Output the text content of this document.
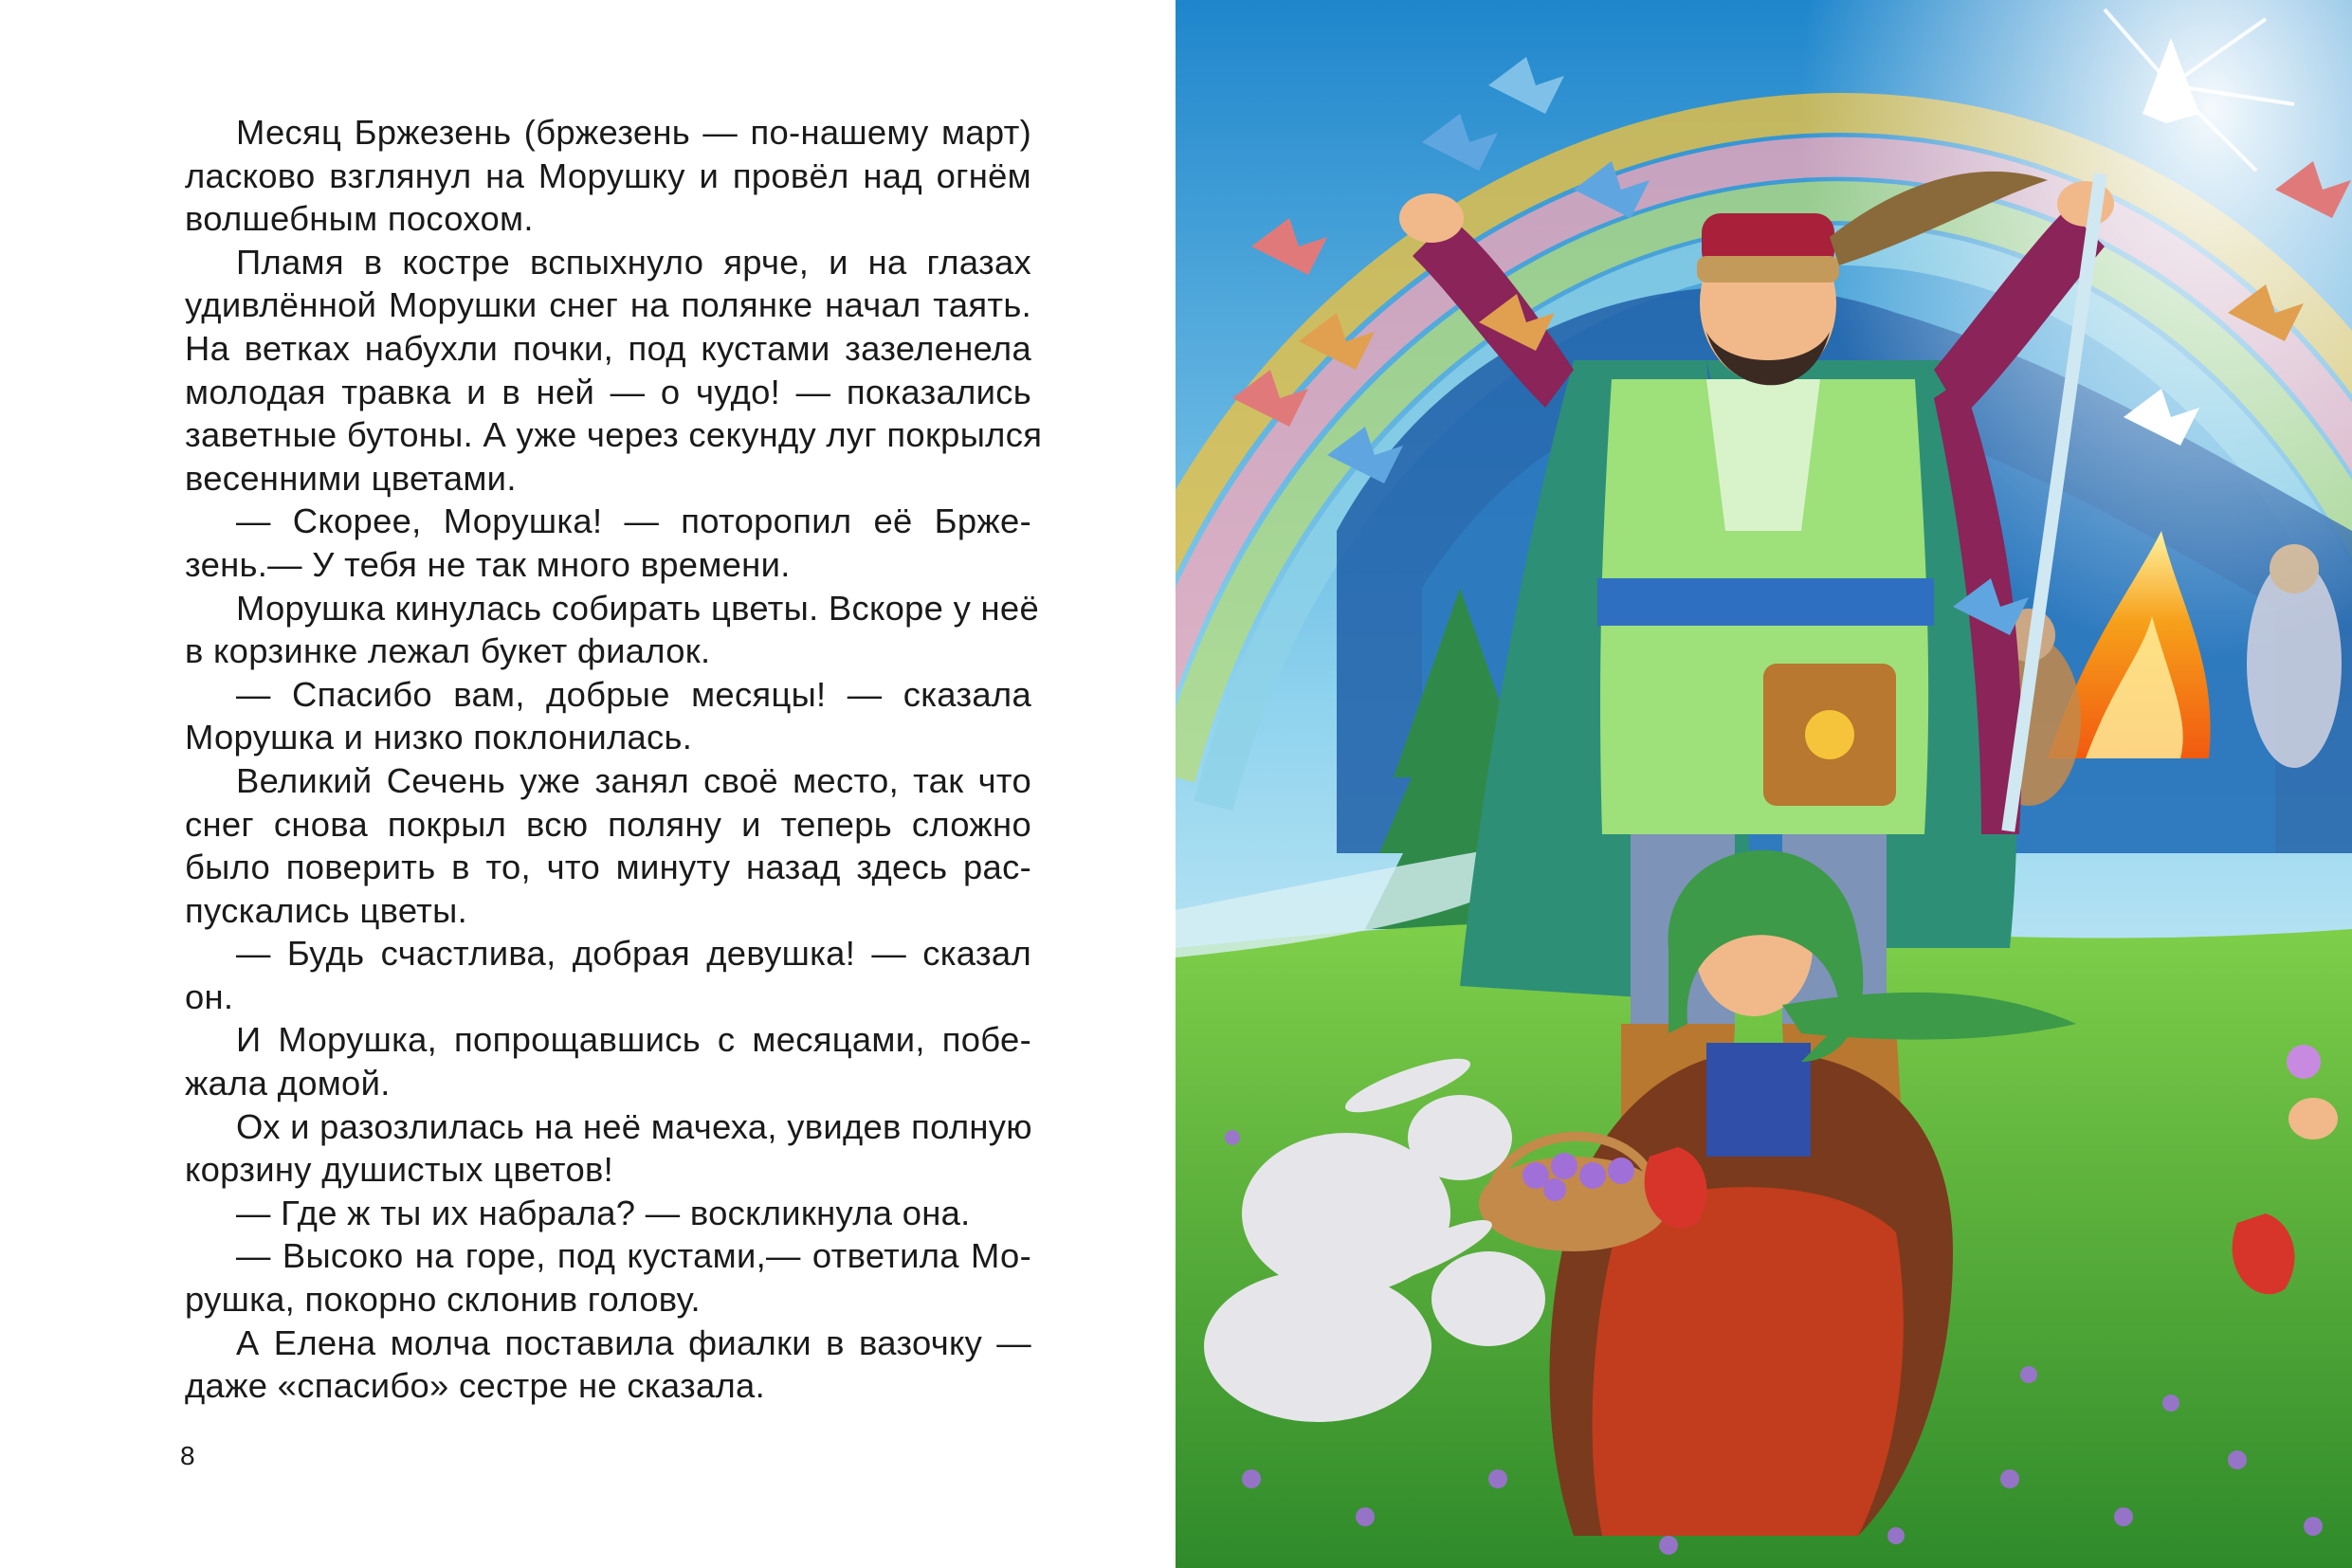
Месяц Бржезень (бржезень — по-нашему март)
ласково взглянул на Морушку и провёл над огнём
волшебным посохом.
Пламя в костре вспыхнуло ярче, и на глазах
удивлённой Морушки снег на полянке начал таять.
На ветках набухли почки, под кустами зазеленела
молодая травка и в ней — о чудо! — показались
заветные бутоны. А уже через секунду луг покрылся
весенними цветами.
— Скорее, Морушка! — поторопил её Бржe-
зень.— У тебя не так много времени.
Морушка кинулась собирать цветы. Вскоре у неё
в корзинке лежал букет фиалок.
— Спасибо вам, добрые месяцы! — сказала
Морушка и низко поклонилась.
Великий Сечень уже занял своё место, так что
снег снова покрыл всю поляну и теперь сложно
было поверить в то, что минуту назад здесь рас-
пускались цветы.
— Будь счастлива, добрая девушка! — сказал
он.
И Морушка, попрощавшись с месяцами, побе-
жала домой.
Ох и разозлилась на неё мачеха, увидев полную
корзину душистых цветов!
— Где ж ты их набрала? — воскликнула она.
— Высоко на горе, под кустами,— ответила Мо-
рушка, покорно склонив голову.
А Елена молча поставила фиалки в вазочку —
даже «спасибо» сестре не сказала.
8
